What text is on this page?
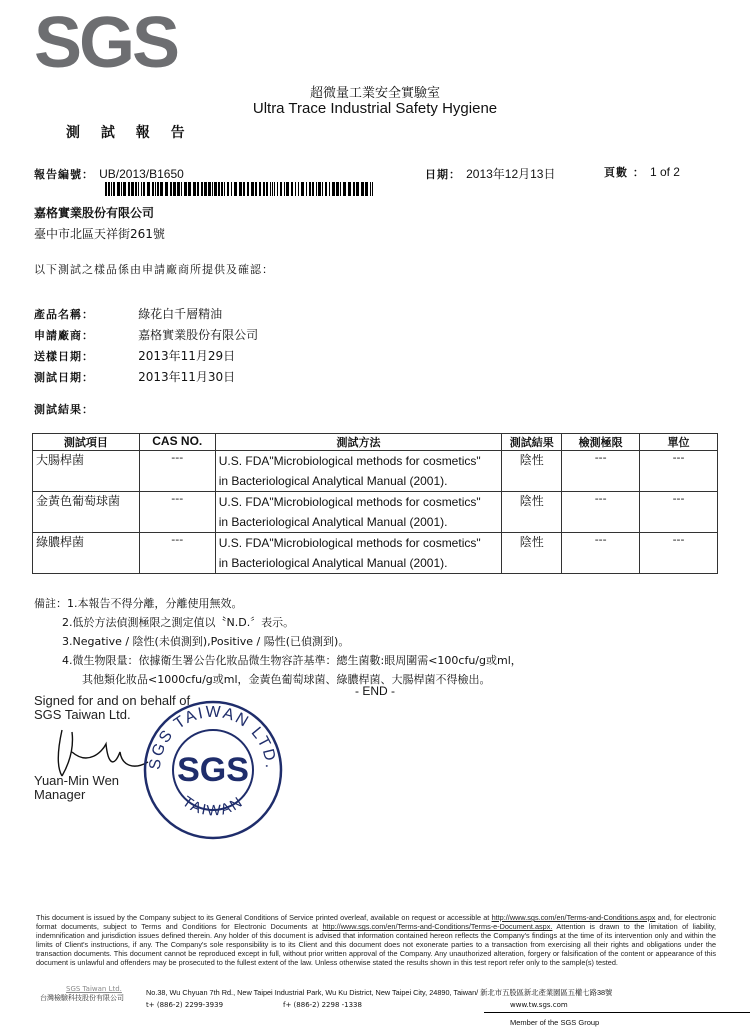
SGS
超微量工業安全實驗室
Ultra Trace Industrial Safety Hygiene
測 試 報 告
報告編號： UB/2013/B1650	日期： 2013年12月13日	頁數 ： 1 of 2
嘉格實業股份有限公司
臺中市北區天祥街261號
以下測試之樣品係由申請廠商所提供及確認：
產品名稱：	綠花白千層精油
申請廠商：	嘉格實業股份有限公司
送樣日期：	2013年11月29日
測試日期：	2013年11月30日
測試結果：
測試項目	CAS NO.	測試方法	測試結果	檢測極限	單位
大腸桿菌	---	U.S. FDA"Microbiological methods for cosmetics"
in Bacteriological Analytical Manual (2001).	陰性	---	---
金黃色葡萄球菌	---	U.S. FDA"Microbiological methods for cosmetics"
in Bacteriological Analytical Manual (2001).	陰性	---	---
綠膿桿菌	---	U.S. FDA"Microbiological methods for cosmetics"
in Bacteriological Analytical Manual (2001).	陰性	---	---
備註：1.本報告不得分離，分離使用無效。
2.低於方法偵測極限之測定值以〝N.D.〞表示。
3.Negative / 陰性(未偵測到),Positive / 陽性(已偵測到)。
4.微生物限量：依據衛生署公告化妝品微生物容許基準：總生菌數:眼周圍需<100cfu/g或ml，
其他類化妝品<1000cfu/g或ml，金黃色葡萄球菌、綠膿桿菌、大腸桿菌不得檢出。
- END -
Signed for and on behalf of
SGS Taiwan Ltd.
Yuan-Min Wen
Manager
SGS TAIWAN LTD.
SGS
TAIWAN
This document is issued by the Company subject to its General Conditions of Service printed overleaf, available on request or accessible at http://www.sgs.com/en/Terms-and-Conditions.aspx and, for electronic format documents, subject to Terms and Conditions for Electronic Documents at http://www.sgs.com/en/Terms-and-Conditions/Terms-e-Document.aspx. Attention is drawn to the limitation of liability, indemnification and jurisdiction issues defined therein. Any holder of this document is advised that information contained hereon reflects the Company's findings at the time of its intervention only and within the limits of Client's instructions, if any. The Company's sole responsibility is to its Client and this document does not exonerate parties to a transaction from exercising all their rights and obligations under the transaction documents. This document cannot be reproduced except in full, without prior written approval of the Company. Any unauthorized alteration, forgery or falsification of the content or appearance of this document is unlawful and offenders may be prosecuted to the fullest extent of the law. Unless otherwise stated the results shown in this test report refer only to the sample(s) tested.
SGS Taiwan Ltd.
台灣檢驗科技股份有限公司
No.38, Wu Chyuan 7th Rd., New Taipei Industrial Park, Wu Ku District, New Taipei City, 24890, Taiwan/ 新北市五股區新北產業園區五權七路38號
t+ (886-2) 2299-3939	f+ (886-2) 2298 -1338	www.tw.sgs.com
Member of the SGS Group
